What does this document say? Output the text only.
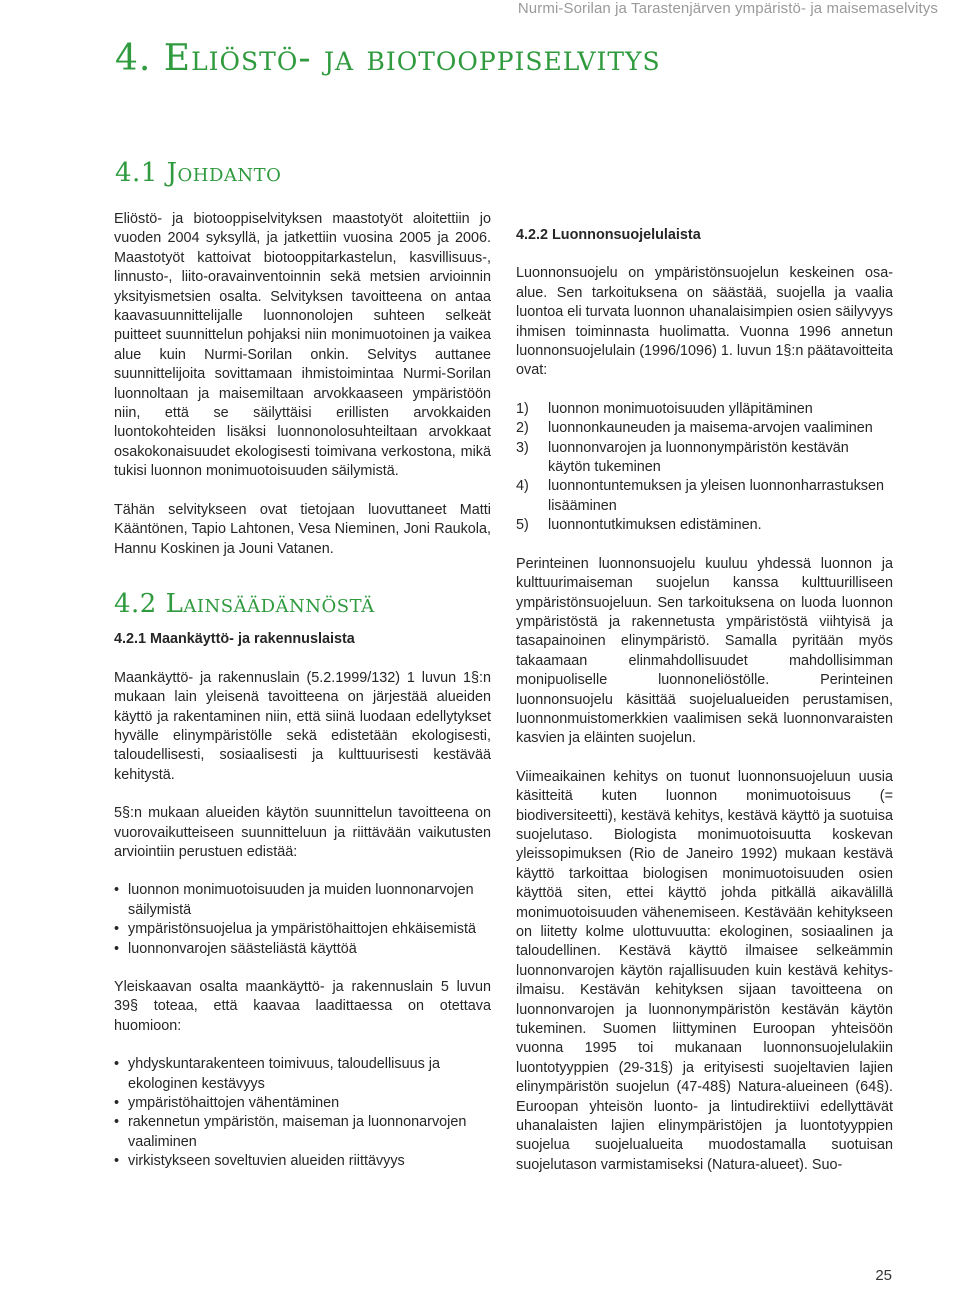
Nurmi-Sorilan ja Tarastenjärven ympäristö- ja maisemaselvitys
4. Eliöstö- ja biotooppiselvitys
4.1 Johdanto

Eliöstö- ja biotooppiselvityksen maastotyöt aloitettiin jo vuoden 2004 syksyllä, ja jatkettiin vuosina 2005 ja 2006. Maastotyöt kattoivat biotooppitarkastelun, kasvillisuus-, linnusto-, liito-oravainventoinnin sekä metsien arvioinnin yksityismetsien osalta. Selvityksen tavoitteena on antaa kaavasuunnittelijalle luonnonolojen suhteen selkeät puitteet suunnittelun pohjaksi niin monimuotoinen ja vaikea alue kuin Nurmi-Sorilan onkin. Selvitys auttanee suunnittelijoita sovittamaan ihmistoimintaa Nurmi-Sorilan luonnoltaan ja maisemiltaan arvokkaaseen ympäristöön niin, että se säilyttäisi erillisten arvokkaiden luontokohteiden lisäksi luonnonolosuhteiltaan arvokkaat osakokonaisuudet ekologisesti toimivana verkostona, mikä tukisi luonnon monimuotoisuuden säilymistä.

Tähän selvitykseen ovat tietojaan luovuttaneet Matti Kääntönen, Tapio Lahtonen, Vesa Nieminen, Joni Raukola, Hannu Koskinen ja Jouni Vatanen.

4.2 Lainsäädännöstä

4.2.1 Maankäyttö- ja rakennuslaista

Maankäyttö- ja rakennuslain (5.2.1999/132) 1 luvun 1§:n mukaan lain yleisenä tavoitteena on järjestää alueiden käyttö ja rakentaminen niin, että siinä luodaan edellytykset hyvälle elinympäristölle sekä edistetään ekologisesti, taloudellisesti, sosiaalisesti ja kulttuurisesti kestävää kehitystä.

5§:n mukaan alueiden käytön suunnittelun tavoitteena on vuorovaikutteiseen suunnitteluun ja riittävään vaikutusten arviointiin perustuen edistää:

• luonnon monimuotoisuuden ja muiden luonnonarvojen säilymistä
• ympäristönsuojelua ja ympäristöhaittojen ehkäisemistä
• luonnonvarojen säästeliästä käyttöä

Yleiskaavan osalta maankäyttö- ja rakennuslain 5 luvun 39§ toteaa, että kaavaa laadittaessa on otettava huomioon:

• yhdyskuntarakenteen toimivuus, taloudellisuus ja ekologinen kestävyys
• ympäristöhaittojen vähentäminen
• rakennetun ympäristön, maiseman ja luonnonarvojen vaaliminen
• virkistykseen soveltuvien alueiden riittävyys

4.2.2 Luonnonsuojelulaista

Luonnonsuojelu on ympäristönsuojelun keskeinen osa-alue. Sen tarkoituksena on säästää, suojella ja vaalia luontoa eli turvata luonnon uhanalaisimpien osien säilyvyys ihmisen toiminnasta huolimatta. Vuonna 1996 annetun luonnonsuojelulain (1996/1096) 1. luvun 1§:n päätavoitteita ovat:

1) luonnon monimuotoisuuden ylläpitäminen
2) luonnonkauneuden ja maisema-arvojen vaaliminen
3) luonnonvarojen ja luonnonympäristön kestävän käytön tukeminen
4) luonnontuntemuksen ja yleisen luonnonharrastuksen lisääminen
5) luonnontutkimuksen edistäminen.

Perinteinen luonnonsuojelu kuuluu yhdessä luonnon ja kulttuurimaiseman suojelun kanssa kulttuurilliseen ympäristönsuojeluun. Sen tarkoituksena on luoda luonnon ympäristöstä ja rakennetusta ympäristöstä viihtyisä ja tasapainoinen elinympäristö. Samalla pyritään myös takaamaan elinmahdollisuudet mahdollisimman monipuoliselle luonnoneliöstölle. Perinteinen luonnonsuojelu käsittää suojelualueiden perustamisen, luonnonmuistomerkkien vaalimisen sekä luonnonvaraisten kasvien ja eläinten suojelun.

Viimeaikainen kehitys on tuonut luonnonsuojeluun uusia käsitteitä kuten luonnon monimuotoisuus (= biodiversiteetti), kestävä kehitys, kestävä käyttö ja suotuisa suojelutaso. Biologista monimuotoisuutta koskevan yleissopimuksen (Rio de Janeiro 1992) mukaan kestävä käyttö tarkoittaa biologisen monimuotoisuuden osien käyttöä siten, ettei käyttö johda pitkällä aikavälillä monimuotoisuuden vähenemiseen. Kestävään kehitykseen on liitetty kolme ulottuvuutta: ekologinen, sosiaalinen ja taloudellinen. Kestävä käyttö ilmaisee selkeämmin luonnonvarojen käytön rajallisuuden kuin kestävä kehitys-ilmaisu. Kestävän kehityksen sijaan tavoitteena on luonnonvarojen ja luonnonympäristön kestävän käytön tukeminen. Suomen liittyminen Euroopan yhteisöön vuonna 1995 toi mukanaan luonnonsuojelulakiin luontotyyppien (29-31§) ja erityisesti suojeltavien lajien elinympäristön suojelun (47-48§) Natura-alueineen (64§). Euroopan yhteisön luonto- ja lintudirektiivi edellyttävät uhanalaisten lajien elinympäristöjen ja luontotyyppien suojelua suojelualueita muodostamalla suotuisan suojelutason varmistamiseksi (Natura-alueet). Suo-

25
